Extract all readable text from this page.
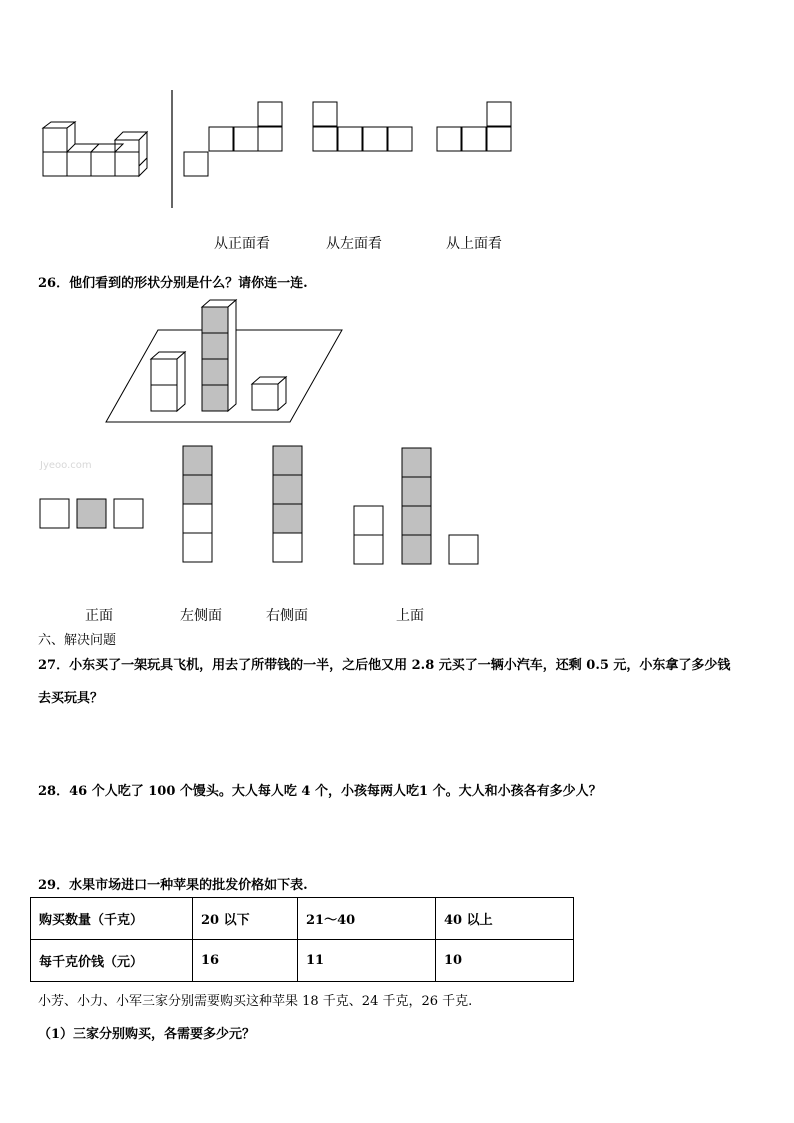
从正面看	从左面看	从上面看
26．他们看到的形状分别是什么？请你连一连.
Jyeoo.com
正面	左侧面	右侧面	上面
六、解决问题
27．小东买了一架玩具飞机，用去了所带钱的一半，之后他又用 2.8 元买了一辆小汽车，还剩 0.5 元，小东拿了多少钱
去买玩具？
28．46 个人吃了 100 个馒头。大人每人吃 4 个，小孩每两人吃1 个。大人和小孩各有多少人？
29．水果市场进口一种苹果的批发价格如下表.
购买数量（千克）	20 以下	21～40	40 以上
每千克价钱（元）	16	11	10
小芳、小力、小军三家分别需要购买这种苹果 18 千克、24 千克，26 千克.
（1）三家分别购买，各需要多少元？
